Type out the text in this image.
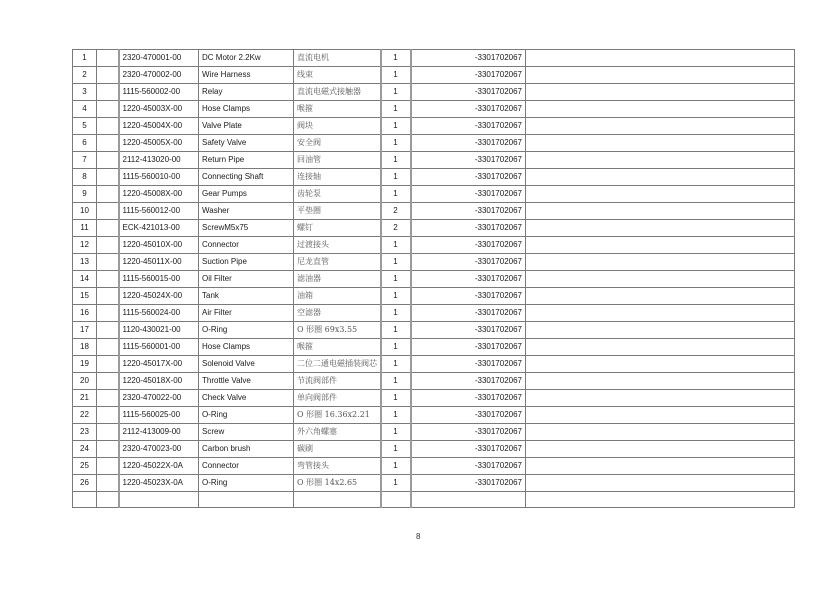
1		2320-470001-00	DC Motor 2.2Kw	直流电机	1	-3301702067	
2		2320-470002-00	Wire Harness	线束	1	-3301702067	
3		1115-560002-00	Relay	直流电磁式接触器	1	-3301702067	
4		1220-45003X-00	Hose Clamps	喉箍	1	-3301702067	
5		1220-45004X-00	Valve Plate	阀块	1	-3301702067	
6		1220-45005X-00	Safety Valve	安全阀	1	-3301702067	
7		2112-413020-00	Return Pipe	回油管	1	-3301702067	
8		1115-560010-00	Connecting Shaft	连接轴	1	-3301702067	
9		1220-45008X-00	Gear Pumps	齿轮泵	1	-3301702067	
10		1115-560012-00	Washer	平垫圈	2	-3301702067	
11		ECK-421013-00	ScrewM5x75	螺钉	2	-3301702067	
12		1220-45010X-00	Connector	过渡接头	1	-3301702067	
13		1220-45011X-00	Suction Pipe	尼龙直管	1	-3301702067	
14		1115-560015-00	Oil Filter	滤油器	1	-3301702067	
15		1220-45024X-00	Tank	油箱	1	-3301702067	
16		1115-560024-00	Air Filter	空滤器	1	-3301702067	
17		1120-430021-00	O-Ring	O 形圈 69x3.55	1	-3301702067	
18		1115-560001-00	Hose Clamps	喉箍	1	-3301702067	
19		1220-45017X-00	Solenoid Valve	二位二通电磁插装阀芯	1	-3301702067	
20		1220-45018X-00	Throttle Valve	节流阀部件	1	-3301702067	
21		2320-470022-00	Check Valve	单向阀部件	1	-3301702067	
22		1115-560025-00	O-Ring	O 形圈 16.36x2.21	1	-3301702067	
23		2112-413009-00	Screw	外六角螺塞	1	-3301702067	
24		2320-470023-00	Carbon brush	碳刷	1	-3301702067	
25		1220-45022X-0A	Connector	弯管接头	1	-3301702067	
26		1220-45023X-0A	O-Ring	O 形圈 14x2.65	1	-3301702067	

8
